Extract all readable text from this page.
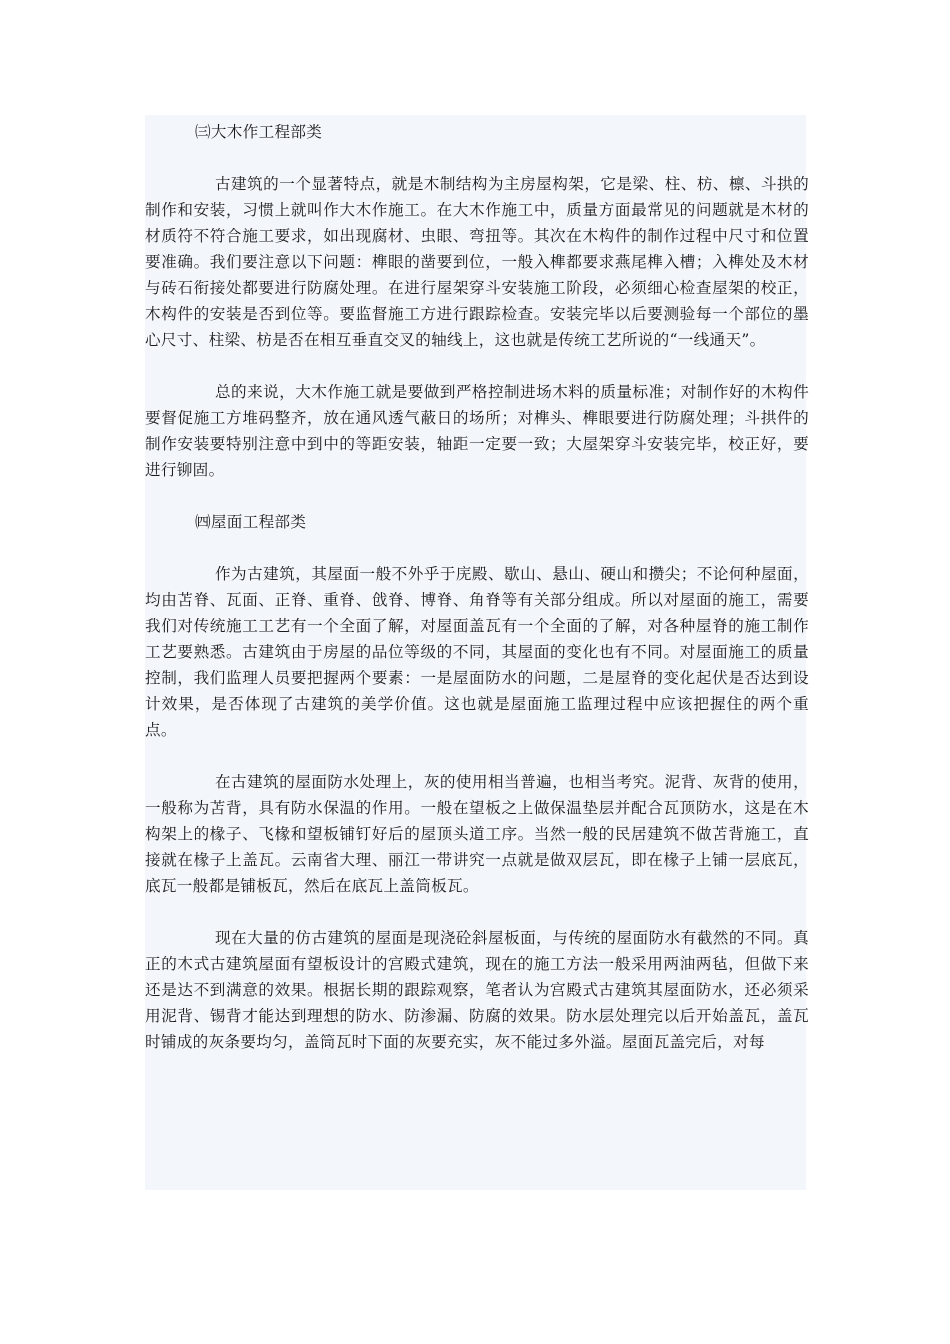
㈢大木作工程部类

古建筑的一个显著特点，就是木制结构为主房屋构架，它是梁、柱、枋、檩、斗拱的制作和安装，习惯上就叫作大木作施工。在大木作施工中，质量方面最常见的问题就是木材的材质符不符合施工要求，如出现腐材、虫眼、弯扭等。其次在木构件的制作过程中尺寸和位置要准确。我们要注意以下问题：榫眼的凿要到位，一般入榫都要求燕尾榫入槽；入榫处及木材与砖石衔接处都要进行防腐处理。在进行屋架穿斗安装施工阶段，必须细心检查屋架的校正，木构件的安装是否到位等。要监督施工方进行跟踪检查。安装完毕以后要测验每一个部位的墨心尺寸、柱梁、枋是否在相互垂直交叉的轴线上，这也就是传统工艺所说的“一线通天”。

总的来说，大木作施工就是要做到严格控制进场木料的质量标准；对制作好的木构件要督促施工方堆码整齐，放在通风透气蔽日的场所；对榫头、榫眼要进行防腐处理；斗拱件的制作安装要特别注意中到中的等距安装，轴距一定要一致；大屋架穿斗安装完毕，校正好，要进行铆固。

㈣屋面工程部类

作为古建筑，其屋面一般不外乎于庑殿、歇山、悬山、硬山和攒尖；不论何种屋面，均由苫脊、瓦面、正脊、重脊、戗脊、博脊、角脊等有关部分组成。所以对屋面的施工，需要我们对传统施工工艺有一个全面了解，对屋面盖瓦有一个全面的了解，对各种屋脊的施工制作工艺要熟悉。古建筑由于房屋的品位等级的不同，其屋面的变化也有不同。对屋面施工的质量控制，我们监理人员要把握两个要素：一是屋面防水的问题，二是屋脊的变化起伏是否达到设计效果，是否体现了古建筑的美学价值。这也就是屋面施工监理过程中应该把握住的两个重点。

在古建筑的屋面防水处理上，灰的使用相当普遍，也相当考究。泥背、灰背的使用，一般称为苫背，具有防水保温的作用。一般在望板之上做保温垫层并配合瓦顶防水，这是在木构架上的椽子、飞椽和望板铺钉好后的屋顶头道工序。当然一般的民居建筑不做苫背施工，直接就在椽子上盖瓦。云南省大理、丽江一带讲究一点就是做双层瓦，即在椽子上铺一层底瓦，底瓦一般都是铺板瓦，然后在底瓦上盖筒板瓦。

现在大量的仿古建筑的屋面是现浇砼斜屋板面，与传统的屋面防水有截然的不同。真正的木式古建筑屋面有望板设计的宫殿式建筑，现在的施工方法一般采用两油两毡，但做下来还是达不到满意的效果。根据长期的跟踪观察，笔者认为宫殿式古建筑其屋面防水，还必须采用泥背、锡背才能达到理想的防水、防渗漏、防腐的效果。防水层处理完以后开始盖瓦，盖瓦时铺成的灰条要均匀，盖筒瓦时下面的灰要充实，灰不能过多外溢。屋面瓦盖完后，对每
